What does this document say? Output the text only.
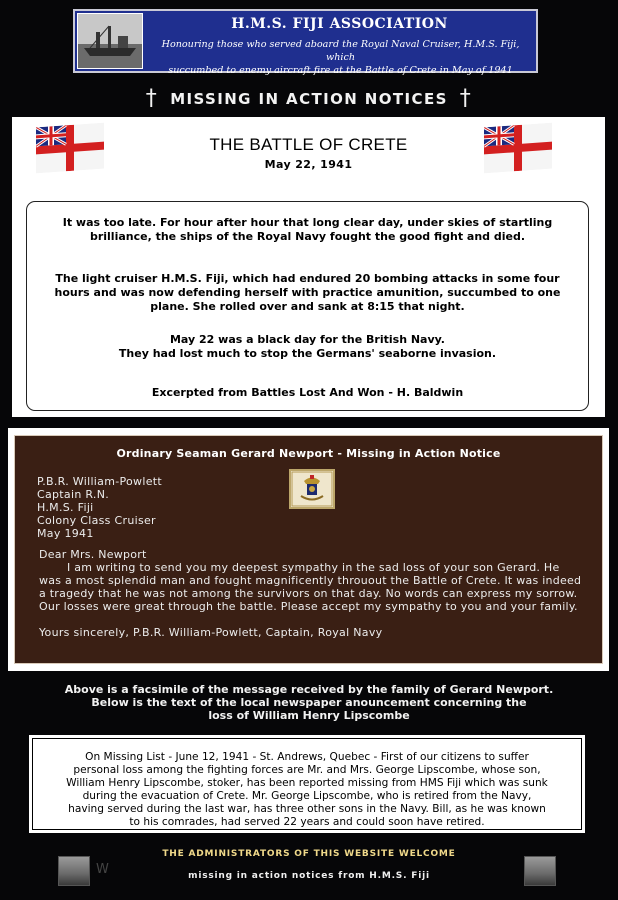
H.M.S. FIJI ASSOCIATION
Honouring those who served aboard the Royal Naval Cruiser, H.M.S. Fiji, which
succumbed to enemy aircraft fire at the Battle of Crete in May of 1941
† MISSING IN ACTION NOTICES †
THE BATTLE OF CRETE
May 22, 1941

It was too late. For hour after hour that long clear day, under skies of startling
brilliance, the ships of the Royal Navy fought the good fight and died.

The light cruiser H.M.S. Fiji, which had endured 20 bombing attacks in some four
hours and was now defending herself with practice amunition, succumbed to one
plane. She rolled over and sank at 8:15 that night.

May 22 was a black day for the British Navy.
They had lost much to stop the Germans' seaborne invasion.

Excerpted from Battles Lost And Won - H. Baldwin

Ordinary Seaman Gerard Newport - Missing in Action Notice
P.B.R. William-Powlett
Captain R.N.
H.M.S. Fiji
Colony Class Cruiser
May 1941
Dear Mrs. Newport

I am writing to send you my deepest sympathy in the sad loss of your son Gerard. He

was a most splendid man and fought magnificently throuout the Battle of Crete. It was indeed
a tragedy that he was not among the survivors on that day. No words can express my sorrow.
Our losses were great through the battle. Please accept my sympathy to you and your family.
Yours sincerely, P.B.R. William-Powlett, Captain, Royal Navy
Above is a facsimile of the message received by the family of Gerard Newport.
Below is the text of the local newspaper anouncement concerning the
loss of William Henry Lipscombe
On Missing List - June 12, 1941 - St. Andrews, Quebec - First of our citizens to suffer
personal loss among the fighting forces are Mr. and Mrs. George Lipscombe, whose son,
William Henry Lipscombe, stoker, has been reported missing from HMS Fiji which was sunk
during the evacuation of Crete. Mr. George Lipscombe, who is retired from the Navy,
having served during the last war, has three other sons in the Navy. Bill, as he was known
to his comrades, had served 22 years and could soon have retired.
W
THE ADMINISTRATORS OF THIS WEBSITE WELCOME
missing in action notices from H.M.S. Fiji
